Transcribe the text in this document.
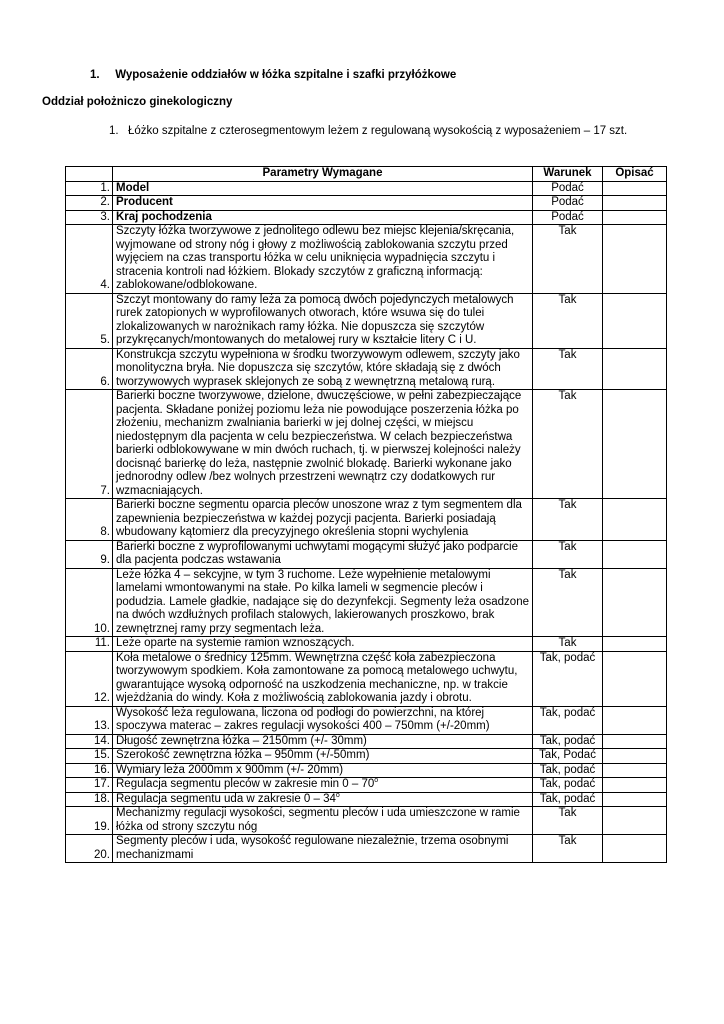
1. Wyposażenie oddziałów w łóżka szpitalne i szafki przyłóżkowe
Oddział położniczo ginekologiczny
1. Łóżko szpitalne z czterosegmentowym leżem z regulowaną wysokością z wyposażeniem – 17 szt.
	Parametry Wymagane	Warunek	Opisać
1.	Model	Podać	
2.	Producent	Podać	
3.	Kraj pochodzenia	Podać	
4.	Szczyty łóżka tworzywowe z jednolitego odlewu bez miejsc klejenia/skręcania, wyjmowane od strony nóg i głowy z możliwością zablokowania szczytu przed wyjęciem na czas transportu łóżka w celu uniknięcia wypadnięcia szczytu i stracenia kontroli nad łóżkiem. Blokady szczytów z graficzną informacją: zablokowane/odblokowane.	Tak	
5.	Szczyt montowany do ramy leża za pomocą dwóch pojedynczych metalowych rurek zatopionych w wyprofilowanych otworach, które wsuwa się do tulei zlokalizowanych w narożnikach ramy łóżka. Nie dopuszcza się szczytów przykręcanych/montowanych do metalowej rury w kształcie litery C i U.	Tak	
6.	Konstrukcja szczytu wypełniona w środku tworzywowym odlewem, szczyty jako monolityczna bryła. Nie dopuszcza się szczytów, które składają się z dwóch tworzywowych wyprasek sklejonych ze sobą z wewnętrzną metalową rurą.	Tak	
7.	Barierki boczne tworzywowe, dzielone, dwuczęściowe, w pełni zabezpieczające pacjenta. Składane poniżej poziomu leża nie powodujące poszerzenia łóżka po złożeniu, mechanizm zwalniania barierki w jej dolnej części, w miejscu niedostępnym dla pacjenta w celu bezpieczeństwa. W celach bezpieczeństwa barierki odblokowywane w min dwóch ruchach, tj. w pierwszej kolejności należy docisnąć barierkę do leża, następnie zwolnić blokadę. Barierki wykonane jako jednorodny odlew /bez wolnych przestrzeni wewnątrz czy dodatkowych rur wzmacniających.	Tak	
8.	Barierki boczne segmentu oparcia pleców unoszone wraz z tym segmentem dla zapewnienia bezpieczeństwa w każdej pozycji pacjenta. Barierki posiadają wbudowany kątomierz dla precyzyjnego określenia stopni wychylenia	Tak	
9.	Barierki boczne z wyprofilowanymi uchwytami mogącymi służyć jako podparcie dla pacjenta podczas wstawania	Tak	
10.	Leże łóżka 4 – sekcyjne, w tym 3 ruchome. Leże wypełnienie metalowymi lamelami wmontowanymi na stałe. Po kilka lameli w segmencie pleców i podudzia. Lamele gładkie, nadające się do dezynfekcji. Segmenty leża osadzone na dwóch wzdłużnych profilach stalowych, lakierowanych proszkowo, brak zewnętrznej ramy przy segmentach leża.	Tak	
11.	Leże oparte na systemie ramion wznoszących.	Tak	
12.	Koła metalowe o średnicy 125mm. Wewnętrzna część koła zabezpieczona tworzywowym spodkiem. Koła zamontowane za pomocą metalowego uchwytu, gwarantujące wysoką odporność na uszkodzenia mechaniczne, np. w trakcie wjeżdżania do windy. Koła z możliwością zablokowania jazdy i obrotu.	Tak, podać	
13.	Wysokość leża regulowana, liczona od podłogi do powierzchni, na której spoczywa materac – zakres regulacji wysokości 400 – 750mm (+/-20mm)	Tak, podać	
14.	Długość zewnętrzna łóżka – 2150mm (+/- 30mm)	Tak, podać	
15.	Szerokość zewnętrzna łóżka – 950mm (+/-50mm)	Tak, Podać	
16.	Wymiary leża 2000mm x 900mm (+/- 20mm)	Tak, podać	
17.	Regulacja segmentu pleców w zakresie min 0 – 70$^o$	Tak, podać	
18.	Regulacja segmentu uda w zakresie 0 – 34$^o$	Tak, podać	
19.	Mechanizmy regulacji wysokości, segmentu pleców i uda umieszczone w ramie łóżka od strony szczytu nóg	Tak	
20.	Segmenty pleców i uda, wysokość regulowane niezależnie, trzema osobnymi mechanizmami	Tak	
